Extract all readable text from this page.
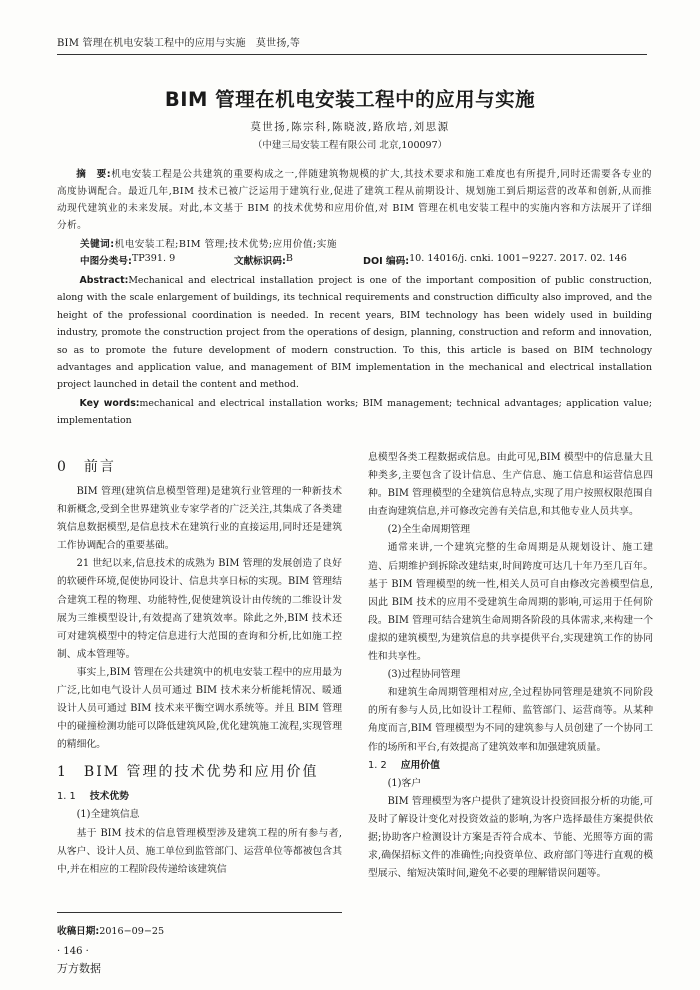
BIM 管理在机电安装工程中的应用与实施　莫世扬,等
BIM 管理在机电安装工程中的应用与实施
莫世扬,陈宗科,陈晓波,路欣培,刘思源
（中建三局安装工程有限公司 北京,100097）
摘　要:机电安装工程是公共建筑的重要构成之一,伴随建筑物规模的扩大,其技术要求和施工难度也有所提升,同时还需要各专业的高度协调配合。最近几年,BIM 技术已被广泛运用于建筑行业,促进了建筑工程从前期设计、规划施工到后期运营的改革和创新,从而推动现代建筑业的未来发展。对此,本文基于 BIM 的技术优势和应用价值,对 BIM 管理在机电安装工程中的实施内容和方法展开了详细分析。
关键词:机电安装工程;BIM 管理;技术优势;应用价值;实施
中图分类号: TP391. 9	文献标识码: B	DOI 编码: 10. 14016/j. cnki. 1001−9227. 2017. 02. 146
Abstract:Mechanical and electrical installation project is one of the important composition of public construction, along with the scale enlargement of buildings, its technical requirements and construction difficulty also improved, and the height of the professional coordination is needed. In recent years, BIM technology has been widely used in building industry, promote the construction project from the operations of design, planning, construction and reform and innovation, so as to promote the future development of modern construction. To this, this article is based on BIM technology advantages and application value, and management of BIM implementation in the mechanical and electrical installation project launched in detail the content and method.
Key words:mechanical and electrical installation works; BIM management; technical advantages; application value; implementation
0 前言

BIM 管理(建筑信息模型管理)是建筑行业管理的一种新技术和新概念,受到全世界建筑业专家学者的广泛关注,其集成了各类建筑信息数据模型,是信息技术在建筑行业的直接运用,同时还是建筑工作协调配合的重要基础。

21 世纪以来,信息技术的成熟为 BIM 管理的发展创造了良好的软硬件环境,促使协同设计、信息共享日标的实现。BIM 管理结合建筑工程的物理、功能特性,促使建筑设计由传统的二维设计发展为三维模型设计,有效提高了建筑效率。除此之外,BIM 技术还可对建筑模型中的特定信息进行大范围的查询和分析,比如施工控制、成本管理等。

事实上,BIM 管理在公共建筑中的机电安装工程中的应用最为广泛,比如电气设计人员可通过 BIM 技术来分析能耗情况、暖通设计人员可通过 BIM 技术来平衡空调水系统等。并且 BIM 管理中的碰撞检测功能可以降低建筑风险,优化建筑施工流程,实现管理的精细化。

1 BIM 管理的技术优势和应用价值
1. 1 技术优势

(1)全建筑信息

基于 BIM 技术的信息管理模型涉及建筑工程的所有参与者,从客户、设计人员、施工单位到监管部门、运营单位等都被包含其中,并在相应的工程阶段传递给该建筑信

息模型各类工程数据或信息。由此可见,BIM 模型中的信息量大且种类多,主要包含了设计信息、生产信息、施工信息和运营信息四种。BIM 管理模型的全建筑信息特点,实现了用户按照权限范围自由查询建筑信息,并可修改完善有关信息,和其他专业人员共享。

(2)全生命周期管理

通常来讲,一个建筑完整的生命周期是从规划设计、施工建造、后期维护到拆除改建结束,时间跨度可达几十年乃至几百年。基于 BIM 管理模型的统一性,相关人员可自由修改完善模型信息,因此 BIM 技术的应用不受建筑生命周期的影响,可运用于任何阶段。BIM 管理可结合建筑生命周期各阶段的具体需求,来构建一个虚拟的建筑模型,为建筑信息的共享提供平台,实现建筑工作的协同性和共享性。

(3)过程协同管理

和建筑生命周期管理相对应,全过程协同管理是建筑不同阶段的所有参与人员,比如设计工程师、监管部门、运营商等。从某种角度而言,BIM 管理模型为不同的建筑参与人员创建了一个协同工作的场所和平台,有效提高了建筑效率和加强建筑质量。

1. 2 应用价值

(1)客户

BIM 管理模型为客户提供了建筑设计投资回报分析的功能,可及时了解设计变化对投资效益的影响,为客户选择最佳方案提供依据;协助客户检测设计方案是否符合成本、节能、光照等方面的需求,确保招标文件的准确性;向投资单位、政府部门等进行直观的模型展示、缩短决策时间,避免不必要的理解错误问题等。

收稿日期:2016−09−25
· 146 ·
万方数据
